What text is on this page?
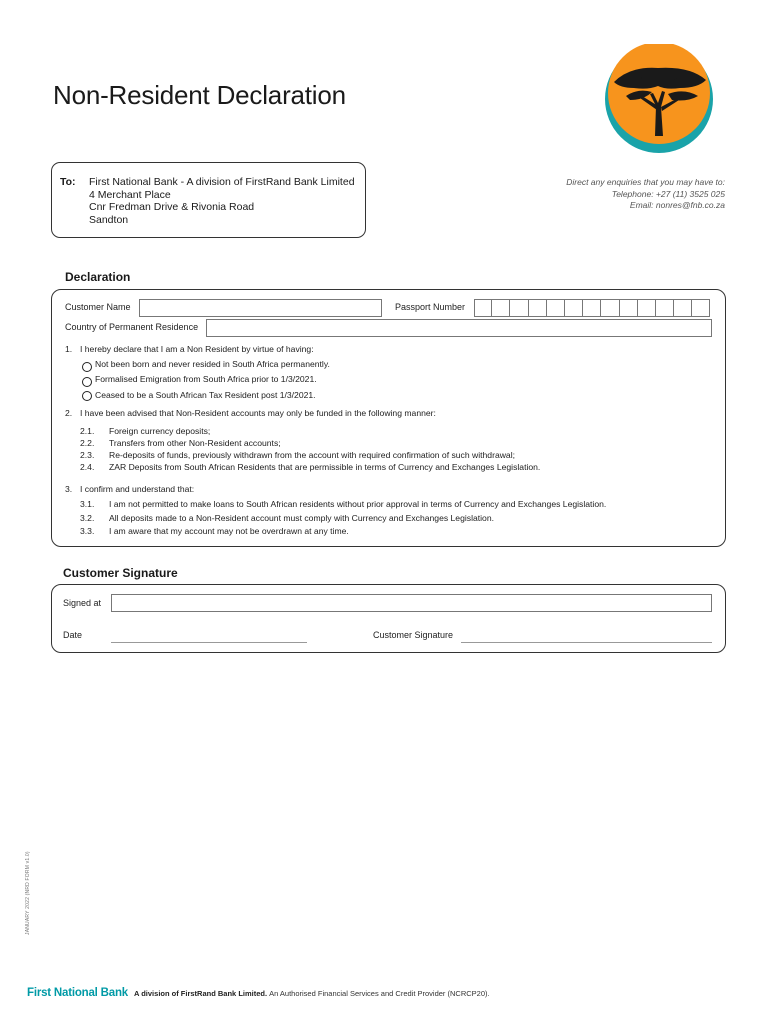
Non-Resident Declaration
To: First National Bank - A division of FirstRand Bank Limited
4 Merchant Place
Cnr Fredman Drive & Rivonia Road
Sandton
Direct any enquiries that you may have to:
Telephone: +27 (11) 3525 025
Email: nonres@fnb.co.za
Declaration
Customer Name	Passport Number
Country of Permanent Residence
1. I hereby declare that I am a Non Resident by virtue of having:
Not been born and never resided in South Africa permanently.
Formalised Emigration from South Africa prior to 1/3/2021.
Ceased to be a South African Tax Resident post 1/3/2021.
2. I have been advised that Non-Resident accounts may only be funded in the following manner:
2.1. Foreign currency deposits;
2.2. Transfers from other Non-Resident accounts;
2.3. Re-deposits of funds, previously withdrawn from the account with required confirmation of such withdrawal;
2.4. ZAR Deposits from South African Residents that are permissible in terms of Currency and Exchanges Legislation.
3. I confirm and understand that:
3.1. I am not permitted to make loans to South African residents without prior approval in terms of Currency and Exchanges Legislation.
3.2. All deposits made to a Non-Resident account must comply with Currency and Exchanges Legislation.
3.3. I am aware that my account may not be overdrawn at any time.
Customer Signature
Signed at
Date	Customer Signature
JANUARY 2022 (NRD FORM v1.0)
First National Bank A division of FirstRand Bank Limited. An Authorised Financial Services and Credit Provider (NCRCP20).
